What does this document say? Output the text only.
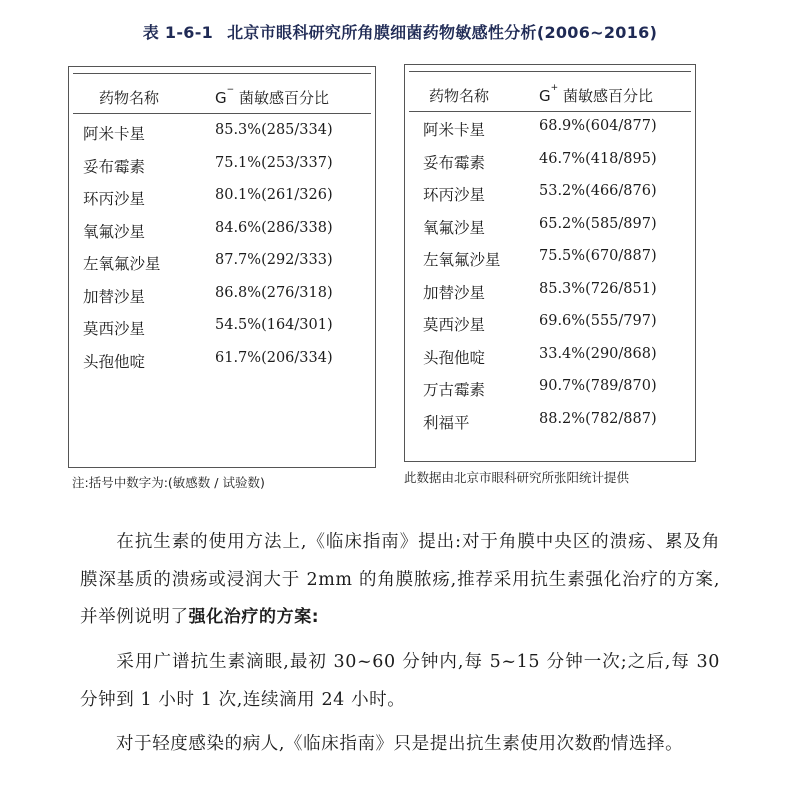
表 1-6-1 北京市眼科研究所角膜细菌药物敏感性分析(2006~2016)
药物名称	G− 菌敏感百分比
阿米卡星	85.3%(285/334)
妥布霉素	75.1%(253/337)
环丙沙星	80.1%(261/326)
氧氟沙星	84.6%(286/338)
左氧氟沙星	87.7%(292/333)
加替沙星	86.8%(276/318)
莫西沙星	54.5%(164/301)
头孢他啶	61.7%(206/334)
注:括号中数字为:(敏感数 / 试验数)
药物名称	G+ 菌敏感百分比
阿米卡星	68.9%(604/877)
妥布霉素	46.7%(418/895)
环丙沙星	53.2%(466/876)
氧氟沙星	65.2%(585/897)
左氧氟沙星	75.5%(670/887)
加替沙星	85.3%(726/851)
莫西沙星	69.6%(555/797)
头孢他啶	33.4%(290/868)
万古霉素	90.7%(789/870)
利福平	88.2%(782/887)
此数据由北京市眼科研究所张阳统计提供
在抗生素的使用方法上,《临床指南》提出:对于角膜中央区的溃疡、累及角膜深基质的溃疡或浸润大于 2mm 的角膜脓疡,推荐采用抗生素强化治疗的方案,并举例说明了强化治疗的方案:
采用广谱抗生素滴眼,最初 30~60 分钟内,每 5~15 分钟一次;之后,每 30 分钟到 1 小时 1 次,连续滴用 24 小时。
对于轻度感染的病人,《临床指南》只是提出抗生素使用次数酌情选择。
